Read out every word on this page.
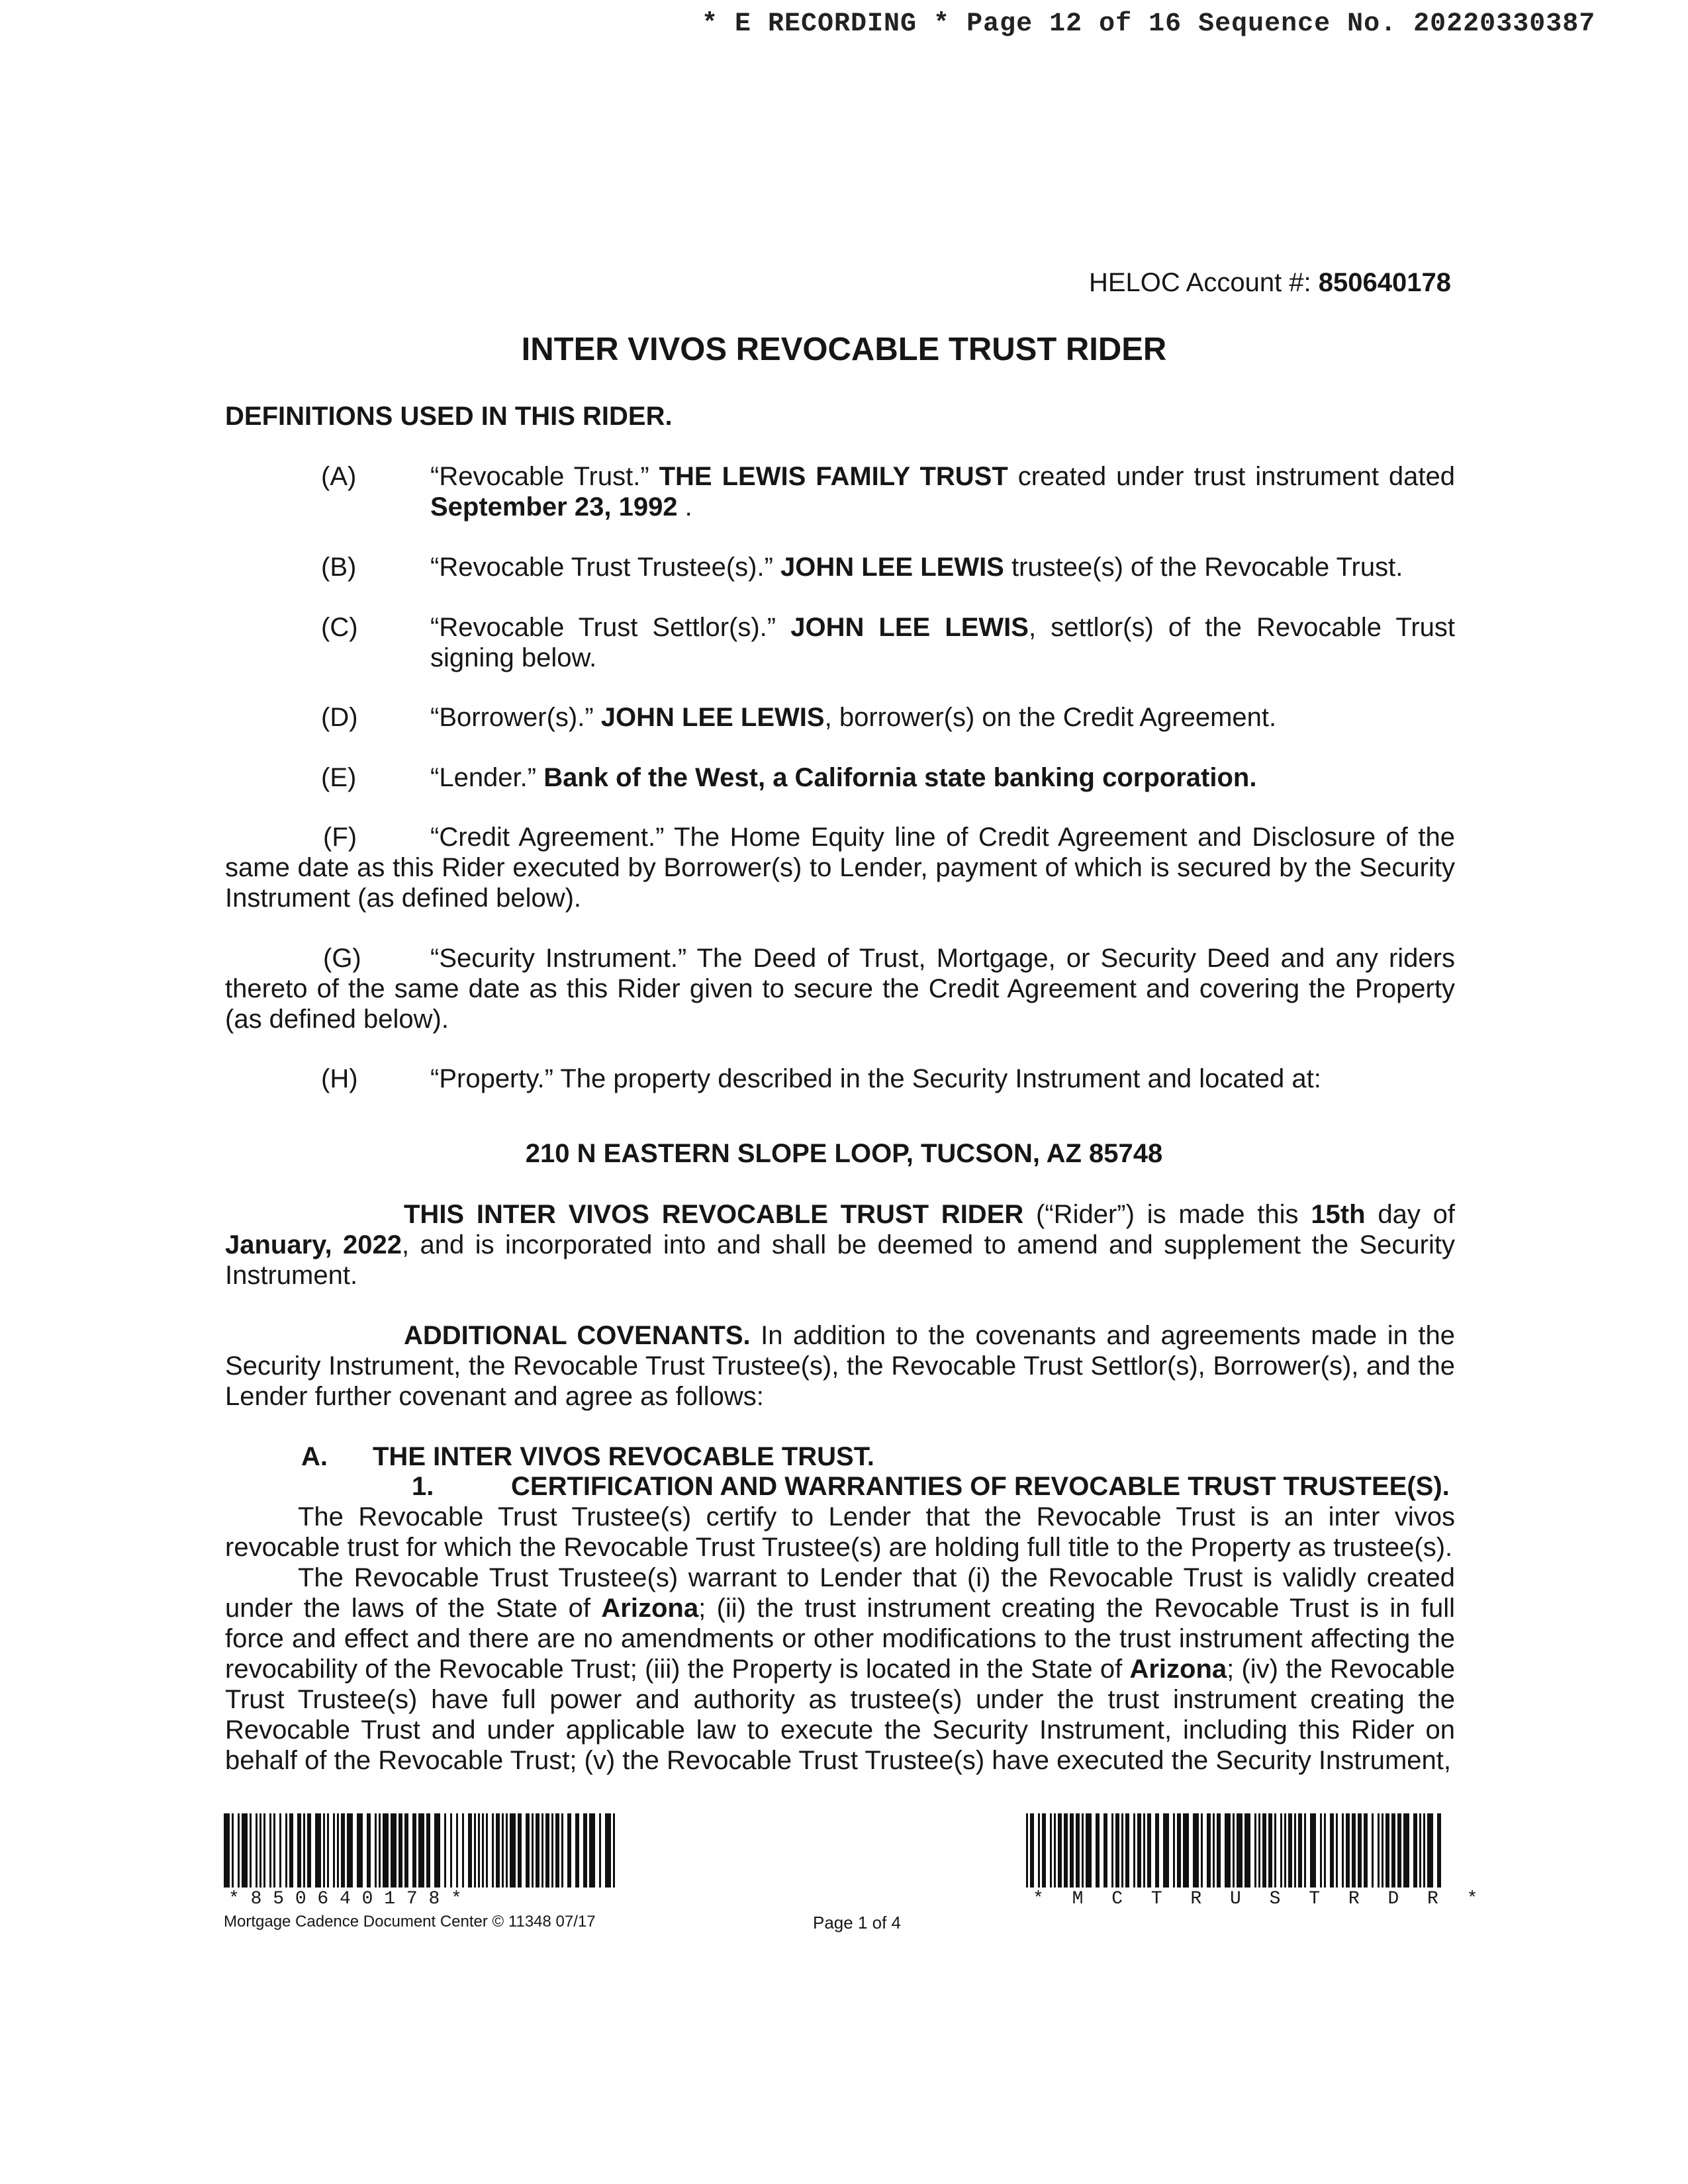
* E RECORDING * Page 12 of 16 Sequence No. 20220330387
HELOC Account #: 850640178
INTER VIVOS REVOCABLE TRUST RIDER
DEFINITIONS USED IN THIS RIDER.
(A)	“Revocable Trust.” THE LEWIS FAMILY TRUST created under trust instrument dated September 23, 1992 .
(B)	“Revocable Trust Trustee(s).” JOHN LEE LEWIS trustee(s) of the Revocable Trust.
(C)	“Revocable Trust Settlor(s).” JOHN LEE LEWIS, settlor(s) of the Revocable Trust signing below.
(D)	“Borrower(s).” JOHN LEE LEWIS, borrower(s) on the Credit Agreement.
(E)	“Lender.” Bank of the West, a California state banking corporation.
(F)	“Credit Agreement.” The Home Equity line of Credit Agreement and Disclosure of the same date as this Rider executed by Borrower(s) to Lender, payment of which is secured by the Security Instrument (as defined below).
(G)	“Security Instrument.” The Deed of Trust, Mortgage, or Security Deed and any riders thereto of the same date as this Rider given to secure the Credit Agreement and covering the Property (as defined below).
(H)	“Property.” The property described in the Security Instrument and located at:
210 N EASTERN SLOPE LOOP, TUCSON, AZ 85748
THIS INTER VIVOS REVOCABLE TRUST RIDER (“Rider”) is made this 15th day of January, 2022, and is incorporated into and shall be deemed to amend and supplement the Security Instrument.
ADDITIONAL COVENANTS. In addition to the covenants and agreements made in the Security Instrument, the Revocable Trust Trustee(s), the Revocable Trust Settlor(s), Borrower(s), and the Lender further covenant and agree as follows:
A. THE INTER VIVOS REVOCABLE TRUST.
1.	CERTIFICATION AND WARRANTIES OF REVOCABLE TRUST TRUSTEE(S).
The Revocable Trust Trustee(s) certify to Lender that the Revocable Trust is an inter vivos revocable trust for which the Revocable Trust Trustee(s) are holding full title to the Property as trustee(s).
The Revocable Trust Trustee(s) warrant to Lender that (i) the Revocable Trust is validly created under the laws of the State of Arizona; (ii) the trust instrument creating the Revocable Trust is in full force and effect and there are no amendments or other modifications to the trust instrument affecting the revocability of the Revocable Trust; (iii) the Property is located in the State of Arizona; (iv) the Revocable Trust Trustee(s) have full power and authority as trustee(s) under the trust instrument creating the Revocable Trust and under applicable law to execute the Security Instrument, including this Rider on behalf of the Revocable Trust; (v) the Revocable Trust Trustee(s) have executed the Security Instrument,
* 8 5 0 6 4 0 1 7 8 *	* M C T R U S T R D R *
Mortgage Cadence Document Center © 11348 07/17	Page 1 of 4
